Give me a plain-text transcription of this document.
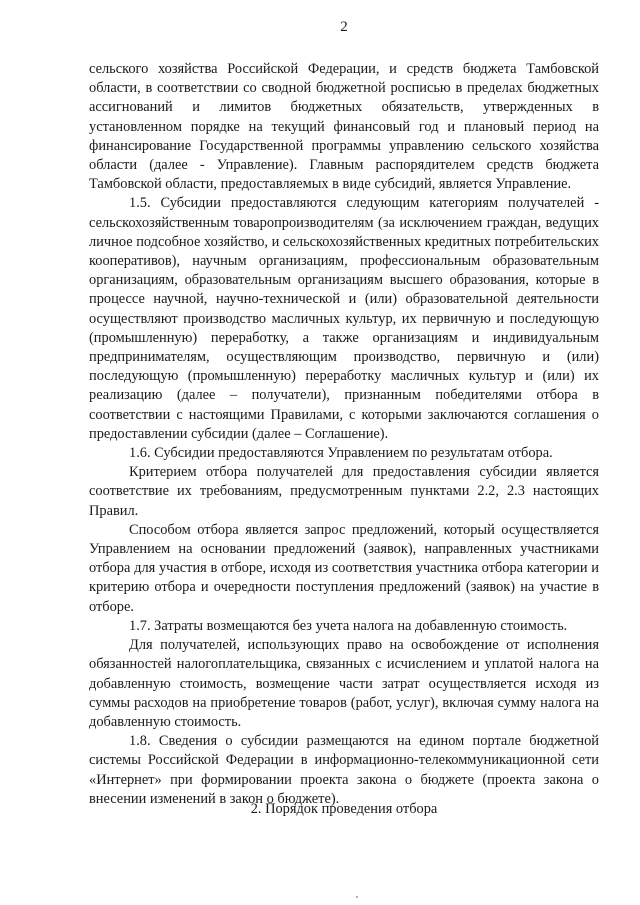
2

сельского хозяйства Российской Федерации, и средств бюджета Тамбовской области, в соответствии со сводной бюджетной росписью в пределах бюджетных ассигнований и лимитов бюджетных обязательств, утвержденных в установленном порядке на текущий финансовый год и плановый период на финансирование Государственной программы управлению сельского хозяйства области (далее - Управление). Главным распорядителем средств бюджета Тамбовской области, предоставляемых в виде субсидий, является Управление.

1.5. Субсидии предоставляются следующим категориям получателей - сельскохозяйственным товаропроизводителям (за исключением граждан, ведущих личное подсобное хозяйство, и сельскохозяйственных кредитных потребительских кооперативов), научным организациям, профессиональным образовательным организациям, образовательным организациям высшего образования, которые в процессе научной, научно-технической и (или) образовательной деятельности осуществляют производство масличных культур, их первичную и последующую (промышленную) переработку, а также организациям и индивидуальным предпринимателям, осуществляющим производство, первичную и (или) последующую (промышленную) переработку масличных культур и (или) их реализацию (далее – получатели), признанным победителями отбора в соответствии с настоящими Правилами, с которыми заключаются соглашения о предоставлении субсидии (далее – Соглашение).

1.6. Субсидии предоставляются Управлением по результатам отбора.

Критерием отбора получателей для предоставления субсидии является соответствие их требованиям, предусмотренным пунктами 2.2, 2.3 настоящих Правил.

Способом отбора является запрос предложений, который осуществляется Управлением на основании предложений (заявок), направленных участниками отбора для участия в отборе, исходя из соответствия участника отбора категории и критерию отбора и очередности поступления предложений (заявок) на участие в отборе.

1.7. Затраты возмещаются без учета налога на добавленную стоимость.

Для получателей, использующих право на освобождение от исполнения обязанностей налогоплательщика, связанных с исчислением и уплатой налога на добавленную стоимость, возмещение части затрат осуществляется исходя из суммы расходов на приобретение товаров (работ, услуг), включая сумму налога на добавленную стоимость.

1.8. Сведения о субсидии размещаются на едином портале бюджетной системы Российской Федерации в информационно-телекоммуникационной сети «Интернет» при формировании проекта закона о бюджете (проекта закона о внесении изменений в закон о бюджете).

2. Порядок проведения отбора
